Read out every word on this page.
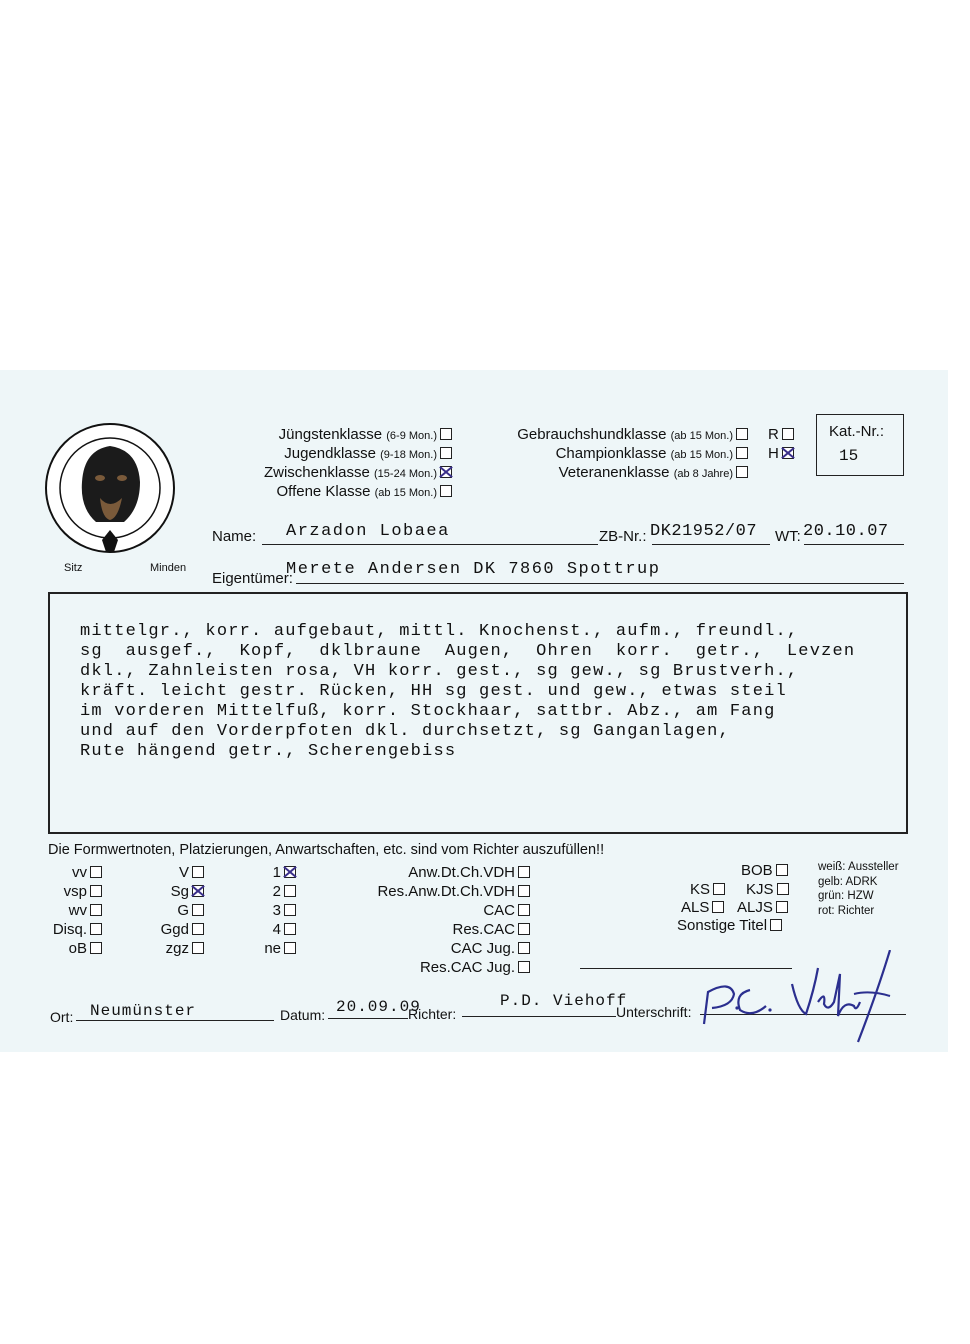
Sitz	Minden
Jüngstenklasse (6-9 Mon.)
Jugendklasse (9-18 Mon.)
Zwischenklasse (15-24 Mon.)
Offene Klasse (ab 15 Mon.)
Gebrauchshundklasse (ab 15 Mon.)
Championklasse (ab 15 Mon.)
Veteranenklasse (ab 8 Jahre)
R
H
Kat.-Nr.:
15
Name: Arzadon Lobaea	ZB-Nr.: DK21952/07 WT: 20.10.07
Eigentümer:
Merete Andersen DK 7860 Spottrup
mittelgr., korr. aufgebaut, mittl. Knochenst., aufm., freundl.,
sg  ausgef.,  Kopf,  dklbraune  Augen,  Ohren  korr.  getr.,  Levzen
dkl., Zahnleisten rosa, VH korr. gest., sg gew., sg Brustverh.,
kräft. leicht gestr. Rücken, HH sg gest. und gew., etwas steil
im vorderen Mittelfuß, korr. Stockhaar, sattbr. Abz., am Fang
und auf den Vorderpfoten dkl. durchsetzt, sg Ganganlagen,
Rute hängend getr., Scherengebiss
Die Formwertnoten, Platzierungen, Anwartschaften, etc. sind vom Richter auszufüllen!!
vv
vsp
wv
Disq.
oB
V
Sg
G
Ggd
zgz
1
2
3
4
ne
Anw.Dt.Ch.VDH
Res.Anw.Dt.Ch.VDH
CAC
Res.CAC
CAC Jug.
Res.CAC Jug.
BOB
KS	KJS
ALS	ALJS
Sonstige Titel
weiß: Aussteller
gelb: ADRK
grün: HZW
rot: Richter
Ort: Neumünster	Datum: 20.09.09
Richter:
P.D. Viehoff
Unterschrift:
